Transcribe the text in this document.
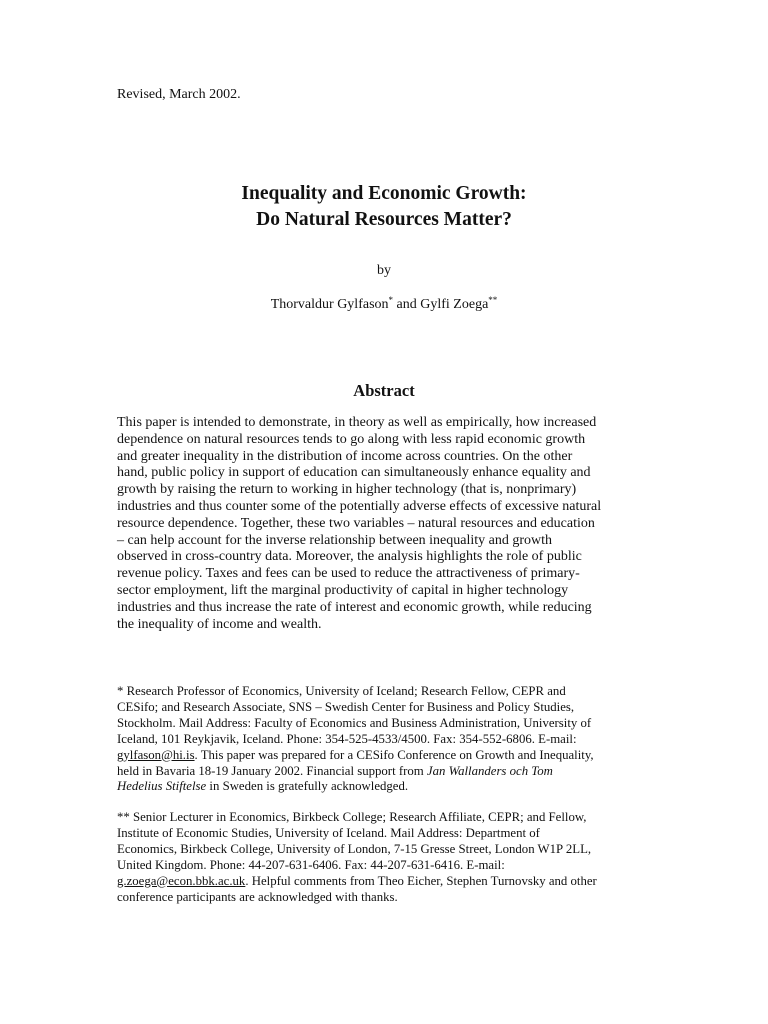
Revised, March 2002.
Inequality and Economic Growth:
Do Natural Resources Matter?
by
Thorvaldur Gylfason* and Gylfi Zoega**
Abstract
This paper is intended to demonstrate, in theory as well as empirically, how increased
dependence on natural resources tends to go along with less rapid economic growth
and greater inequality in the distribution of income across countries. On the other
hand, public policy in support of education can simultaneously enhance equality and
growth by raising the return to working in higher technology (that is, nonprimary)
industries and thus counter some of the potentially adverse effects of excessive natural
resource dependence. Together, these two variables – natural resources and education
– can help account for the inverse relationship between inequality and growth
observed in cross-country data. Moreover, the analysis highlights the role of public
revenue policy. Taxes and fees can be used to reduce the attractiveness of primary-
sector employment, lift the marginal productivity of capital in higher technology
industries and thus increase the rate of interest and economic growth, while reducing
the inequality of income and wealth.
* Research Professor of Economics, University of Iceland; Research Fellow, CEPR and
CESifo; and Research Associate, SNS – Swedish Center for Business and Policy Studies,
Stockholm. Mail Address: Faculty of Economics and Business Administration, University of
Iceland, 101 Reykjavik, Iceland. Phone: 354-525-4533/4500. Fax: 354-552-6806. E-mail:
gylfason@hi.is. This paper was prepared for a CESifo Conference on Growth and Inequality,
held in Bavaria 18-19 January 2002. Financial support from Jan Wallanders och Tom
Hedelius Stiftelse in Sweden is gratefully acknowledged.
** Senior Lecturer in Economics, Birkbeck College; Research Affiliate, CEPR; and Fellow,
Institute of Economic Studies, University of Iceland. Mail Address: Department of
Economics, Birkbeck College, University of London, 7-15 Gresse Street, London W1P 2LL,
United Kingdom. Phone: 44-207-631-6406. Fax: 44-207-631-6416. E-mail:
g.zoega@econ.bbk.ac.uk. Helpful comments from Theo Eicher, Stephen Turnovsky and other
conference participants are acknowledged with thanks.
